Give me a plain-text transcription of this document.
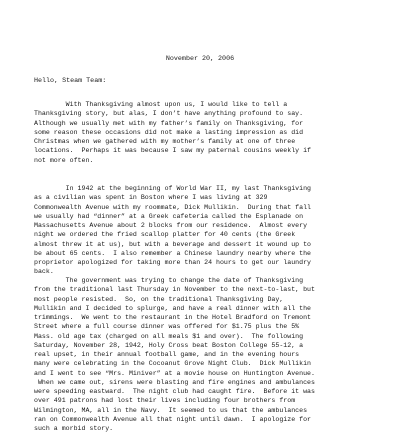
November 20, 2006
Hello, Steam Team:
With Thanksgiving almost upon us, I would like to tell a
Thanksgiving story, but alas, I don’t have anything profound to say.
Although we usually met with my father’s family on Thanksgiving, for
some reason these occasions did not make a lasting impression as did
Christmas when we gathered with my mother’s family at one of three
locations.  Perhaps it was because I saw my paternal cousins weekly if
not more often.
In 1942 at the beginning of World War II, my last Thanksgiving
as a civilian was spent in Boston where I was living at 329
Commonwealth Avenue with my roommate, Dick Mullikin.  During that fall
we usually had “dinner” at a Greek cafeteria called the Esplanade on
Massachusetts Avenue about 2 blocks from our residence.  Almost every
night we ordered the fried scallop platter for 40 cents (the Greek
almost threw it at us), but with a beverage and dessert it wound up to
be about 65 cents.  I also remember a Chinese laundry nearby where the
proprietor apologized for taking more than 24 hours to get our laundry
back.
The government was trying to change the date of Thanksgiving
from the traditional last Thursday in November to the next-to-last, but
most people resisted.  So, on the traditional Thanksgiving Day,
Mullikin and I decided to splurge, and have a real dinner with all the
trimmings.  We went to the restaurant in the Hotel Bradford on Tremont
Street where a full course dinner was offered for $1.75 plus the 5%
Mass. old age tax (charged on all meals $1 and over).  The following
Saturday, November 28, 1942, Holy Cross beat Boston College 55-12, a
real upset, in their annual football game, and in the evening hours
many were celebrating in the Cocoanut Grove Night Club.  Dick Mullikin
and I went to see “Mrs. Miniver” at a movie house on Huntington Avenue.
When we came out, sirens were blasting and fire engines and ambulances
were speeding eastward.  The night club had caught fire.  Before it was
over 491 patrons had lost their lives including four brothers from
Wilmington, MA, all in the Navy.  It seemed to us that the ambulances
ran on Commonwealth Avenue all that night until dawn.  I apologize for
such a morbid story.
